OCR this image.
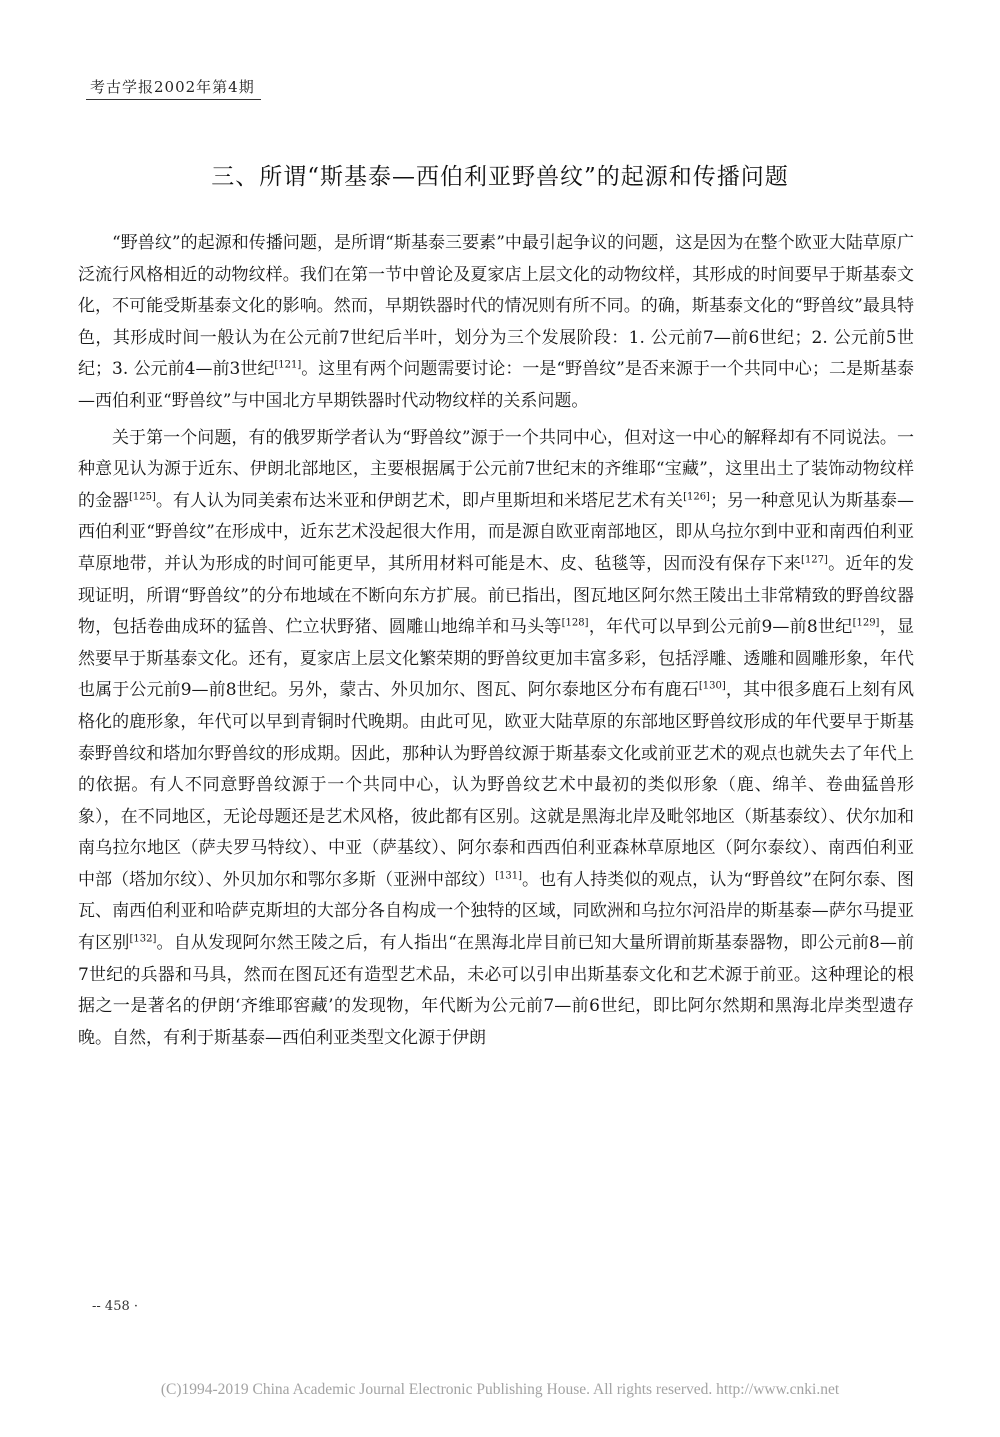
考古学报2002年第4期
三、所谓“斯基泰—西伯利亚野兽纹”的起源和传播问题

“野兽纹”的起源和传播问题，是所谓“斯基泰三要素”中最引起争议的问题，这是因为在整个欧亚大陆草原广泛流行风格相近的动物纹样。我们在第一节中曾论及夏家店上层文化的动物纹样，其形成的时间要早于斯基泰文化，不可能受斯基泰文化的影响。然而，早期铁器时代的情况则有所不同。的确，斯基泰文化的“野兽纹”最具特色，其形成时间一般认为在公元前7世纪后半叶，划分为三个发展阶段：1. 公元前7—前6世纪；2. 公元前5世纪；3. 公元前4—前3世纪[121]。这里有两个问题需要讨论：一是“野兽纹”是否来源于一个共同中心；二是斯基泰—西伯利亚“野兽纹”与中国北方早期铁器时代动物纹样的关系问题。

关于第一个问题，有的俄罗斯学者认为“野兽纹”源于一个共同中心，但对这一中心的解释却有不同说法。一种意见认为源于近东、伊朗北部地区，主要根据属于公元前7世纪末的齐维耶“宝藏”，这里出土了装饰动物纹样的金器[125]。有人认为同美索布达米亚和伊朗艺术，即卢里斯坦和米塔尼艺术有关[126]；另一种意见认为斯基泰—西伯利亚“野兽纹”在形成中，近东艺术没起很大作用，而是源自欧亚南部地区，即从乌拉尔到中亚和南西伯利亚草原地带，并认为形成的时间可能更早，其所用材料可能是木、皮、毡毯等，因而没有保存下来[127]。近年的发现证明，所谓“野兽纹”的分布地域在不断向东方扩展。前已指出，图瓦地区阿尔然王陵出土非常精致的野兽纹器物，包括卷曲成环的猛兽、伫立状野猪、圆雕山地绵羊和马头等[128]，年代可以早到公元前9—前8世纪[129]，显然要早于斯基泰文化。还有，夏家店上层文化繁荣期的野兽纹更加丰富多彩，包括浮雕、透雕和圆雕形象，年代也属于公元前9—前8世纪。另外，蒙古、外贝加尔、图瓦、阿尔泰地区分布有鹿石[130]，其中很多鹿石上刻有风格化的鹿形象，年代可以早到青铜时代晚期。由此可见，欧亚大陆草原的东部地区野兽纹形成的年代要早于斯基泰野兽纹和塔加尔野兽纹的形成期。因此，那种认为野兽纹源于斯基泰文化或前亚艺术的观点也就失去了年代上的依据。有人不同意野兽纹源于一个共同中心，认为野兽纹艺术中最初的类似形象（鹿、绵羊、卷曲猛兽形象），在不同地区，无论母题还是艺术风格，彼此都有区别。这就是黑海北岸及毗邻地区（斯基泰纹）、伏尔加和南乌拉尔地区（萨夫罗马特纹）、中亚（萨基纹）、阿尔泰和西西伯利亚森林草原地区（阿尔泰纹）、南西伯利亚中部（塔加尔纹）、外贝加尔和鄂尔多斯（亚洲中部纹）[131]。也有人持类似的观点，认为“野兽纹”在阿尔泰、图瓦、南西伯利亚和哈萨克斯坦的大部分各自构成一个独特的区域，同欧洲和乌拉尔河沿岸的斯基泰—萨尔马提亚有区别[132]。自从发现阿尔然王陵之后，有人指出“在黑海北岸目前已知大量所谓前斯基泰器物，即公元前8—前7世纪的兵器和马具，然而在图瓦还有造型艺术品，未必可以引申出斯基泰文化和艺术源于前亚。这种理论的根据之一是著名的伊朗‘齐维耶窖藏’的发现物，年代断为公元前7—前6世纪，即比阿尔然期和黑海北岸类型遗存晚。自然，有利于斯基泰—西伯利亚类型文化源于伊朗

-- 458 ·
(C)1994-2019 China Academic Journal Electronic Publishing House. All rights reserved. http://www.cnki.net
